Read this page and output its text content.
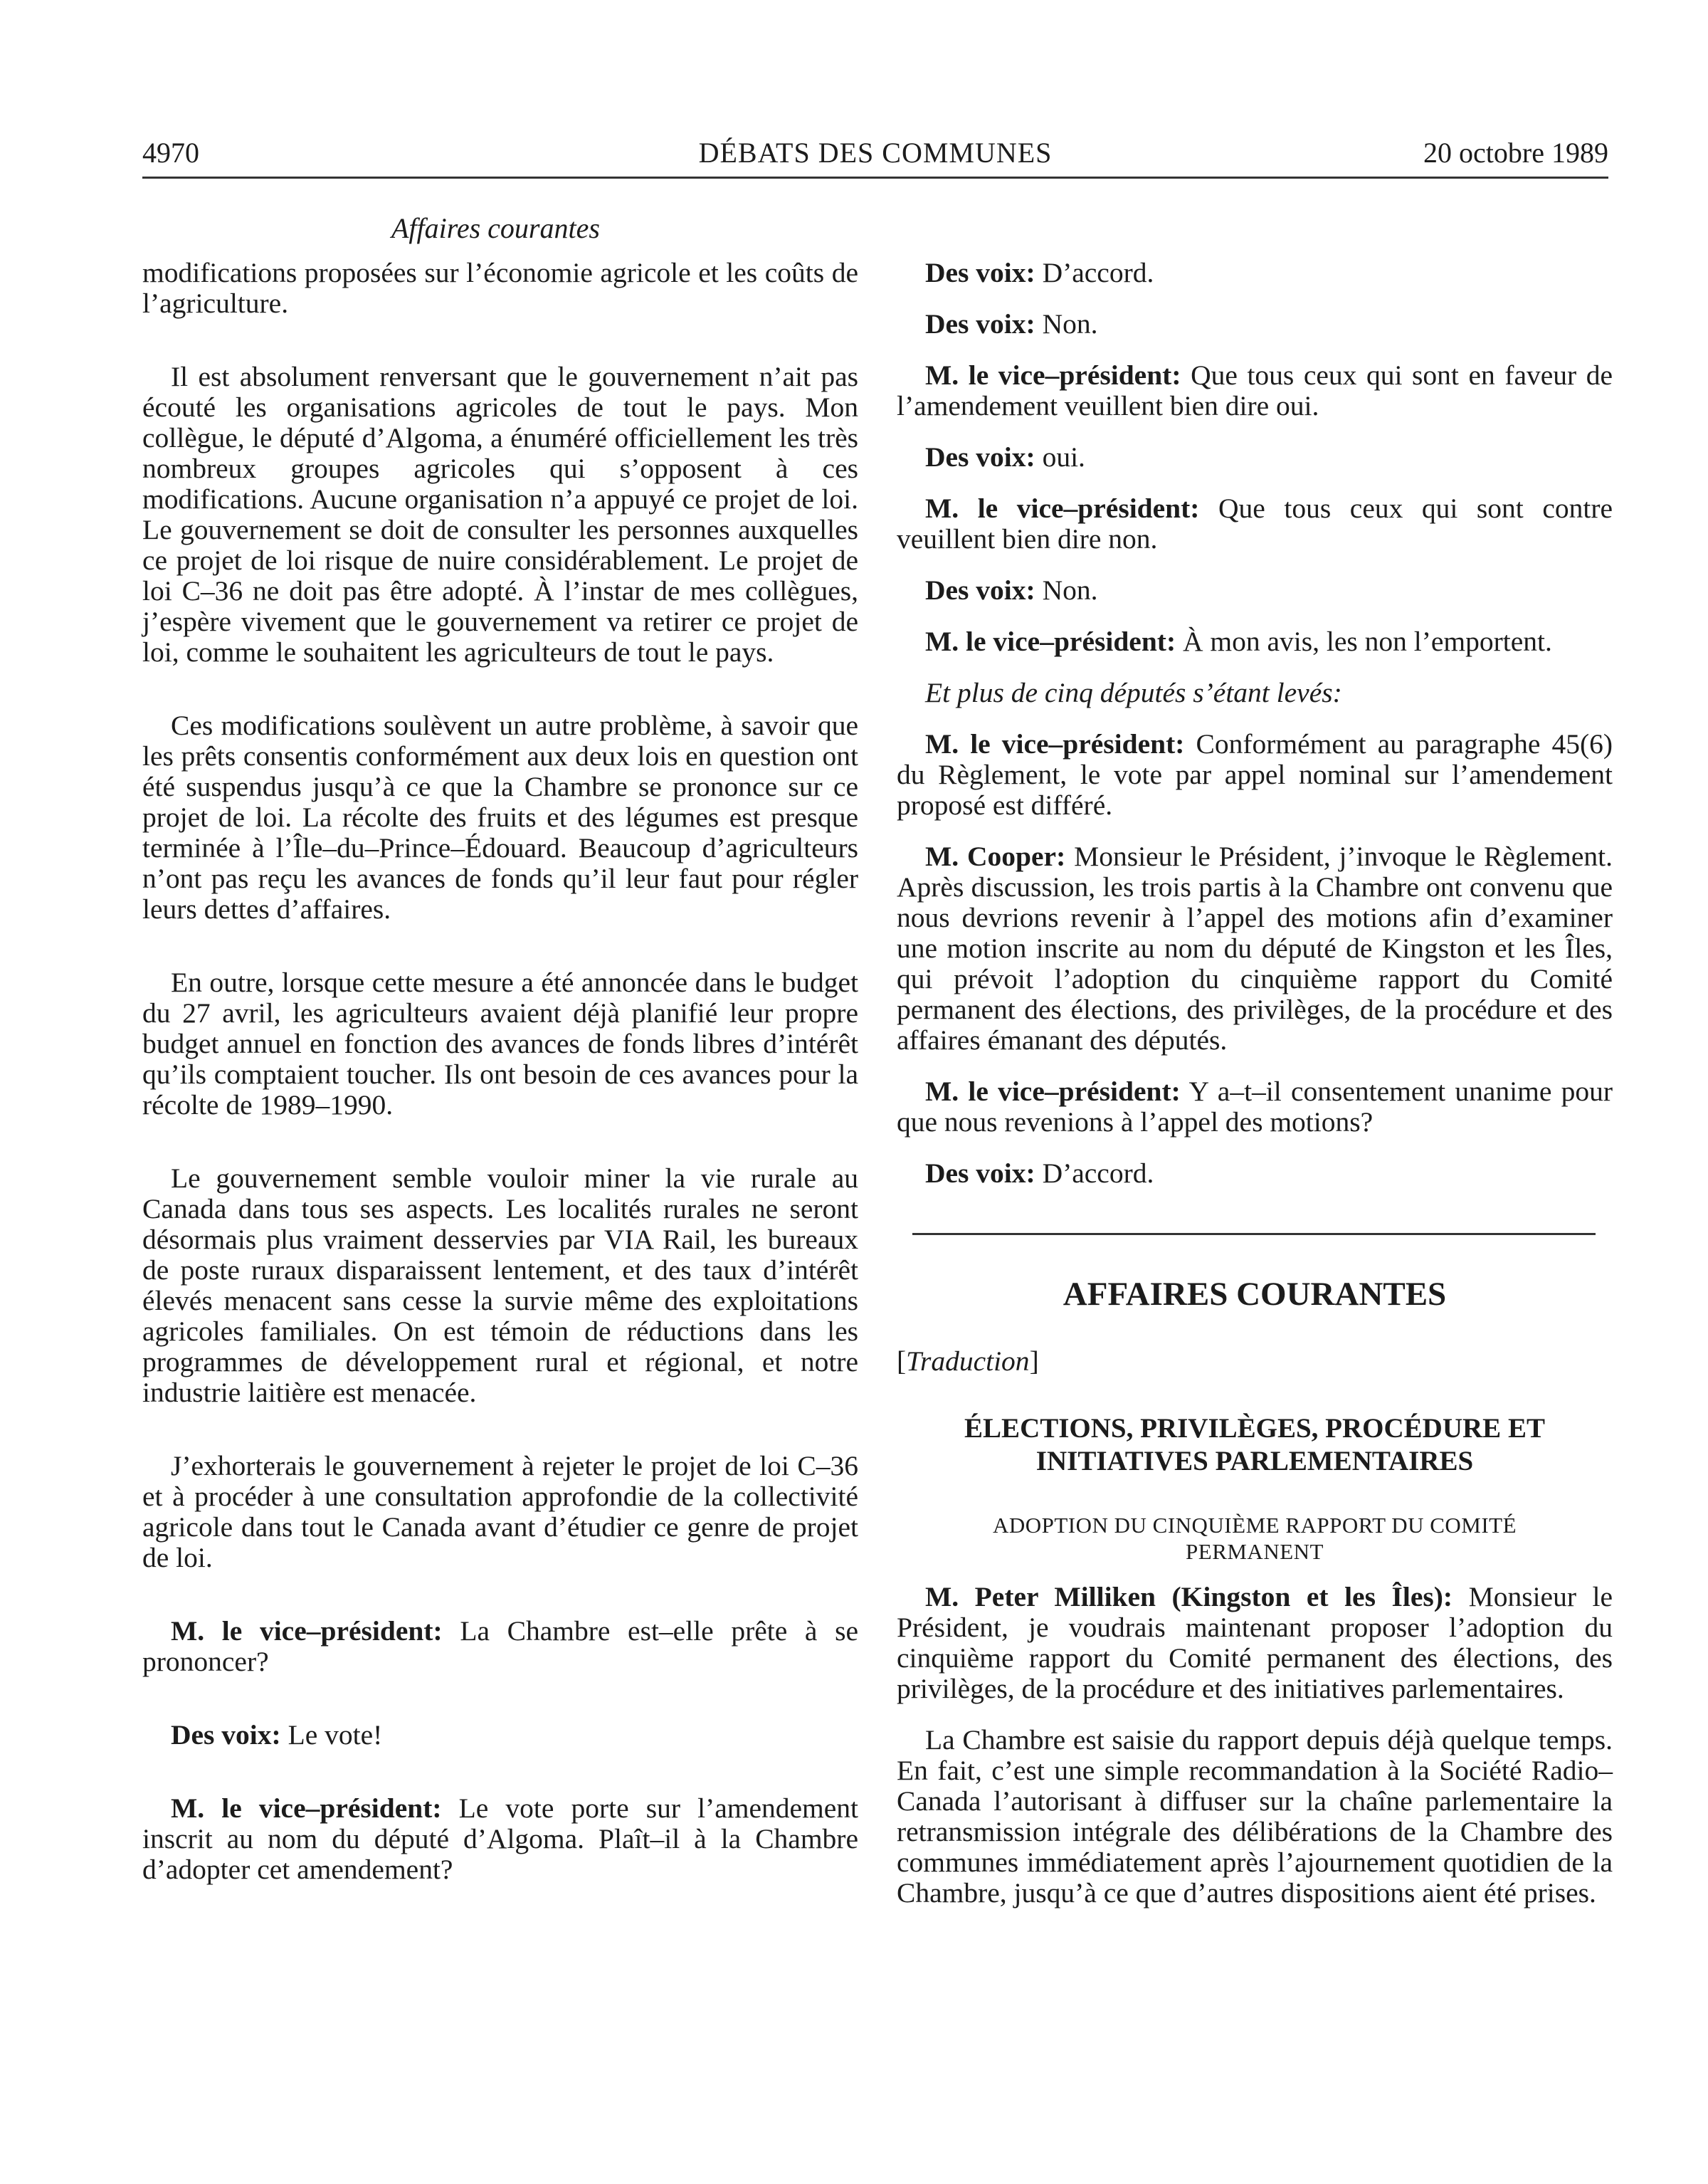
4970	DÉBATS DES COMMUNES	20 octobre 1989
Affaires courantes

modifications proposées sur l’économie agricole et les coûts de l’agriculture.

Il est absolument renversant que le gouvernement n’ait pas écouté les organisations agricoles de tout le pays. Mon collègue, le député d’Algoma, a énuméré officiellement les très nombreux groupes agricoles qui s’opposent à ces modifications. Aucune organisation n’a appuyé ce projet de loi. Le gouvernement se doit de consulter les personnes auxquelles ce projet de loi risque de nuire considérablement. Le projet de loi C–36 ne doit pas être adopté. À l’instar de mes collègues, j’espère vivement que le gouvernement va retirer ce projet de loi, comme le souhaitent les agriculteurs de tout le pays.

Ces modifications soulèvent un autre problème, à savoir que les prêts consentis conformément aux deux lois en question ont été suspendus jusqu’à ce que la Chambre se prononce sur ce projet de loi. La récolte des fruits et des légumes est presque terminée à l’Île–du–Prince–Édouard. Beaucoup d’agriculteurs n’ont pas reçu les avances de fonds qu’il leur faut pour régler leurs dettes d’affaires.

En outre, lorsque cette mesure a été annoncée dans le budget du 27 avril, les agriculteurs avaient déjà planifié leur propre budget annuel en fonction des avances de fonds libres d’intérêt qu’ils comptaient toucher. Ils ont besoin de ces avances pour la récolte de 1989–1990.

Le gouvernement semble vouloir miner la vie rurale au Canada dans tous ses aspects. Les localités rurales ne seront désormais plus vraiment desservies par VIA Rail, les bureaux de poste ruraux disparaissent lentement, et des taux d’intérêt élevés menacent sans cesse la survie même des exploitations agricoles familiales. On est témoin de réductions dans les programmes de développement rural et régional, et notre industrie laitière est menacée.

J’exhorterais le gouvernement à rejeter le projet de loi C–36 et à procéder à une consultation approfondie de la collectivité agricole dans tout le Canada avant d’étudier ce genre de projet de loi.

M. le vice–président: La Chambre est–elle prête à se prononcer?

Des voix: Le vote!

M. le vice–président: Le vote porte sur l’amendement inscrit au nom du député d’Algoma. Plaît–il à la Chambre d’adopter cet amendement?

Des voix: D’accord.

Des voix: Non.

M. le vice–président: Que tous ceux qui sont en faveur de l’amendement veuillent bien dire oui.

Des voix: oui.

M. le vice–président: Que tous ceux qui sont contre veuillent bien dire non.

Des voix: Non.

M. le vice–président: À mon avis, les non l’emportent.

Et plus de cinq députés s’étant levés:

M. le vice–président: Conformément au paragraphe 45(6) du Règlement, le vote par appel nominal sur l’amendement proposé est différé.

M. Cooper: Monsieur le Président, j’invoque le Règlement. Après discussion, les trois partis à la Chambre ont convenu que nous devrions revenir à l’appel des motions afin d’examiner une motion inscrite au nom du député de Kingston et les Îles, qui prévoit l’adoption du cinquième rapport du Comité permanent des élections, des privilèges, de la procédure et des affaires émanant des députés.

M. le vice–président: Y a–t–il consentement unanime pour que nous revenions à l’appel des motions?

Des voix: D’accord.

AFFAIRES COURANTES
[Traduction]
ÉLECTIONS, PRIVILÈGES, PROCÉDURE ET
INITIATIVES PARLEMENTAIRES
ADOPTION DU CINQUIÈME RAPPORT DU COMITÉ
PERMANENT

M. Peter Milliken (Kingston et les Îles): Monsieur le Président, je voudrais maintenant proposer l’adoption du cinquième rapport du Comité permanent des élections, des privilèges, de la procédure et des initiatives parlementaires.

La Chambre est saisie du rapport depuis déjà quelque temps. En fait, c’est une simple recommandation à la Société Radio–Canada l’autorisant à diffuser sur la chaîne parlementaire la retransmission intégrale des délibérations de la Chambre des communes immédiatement après l’ajournement quotidien de la Chambre, jusqu’à ce que d’autres dispositions aient été prises.
